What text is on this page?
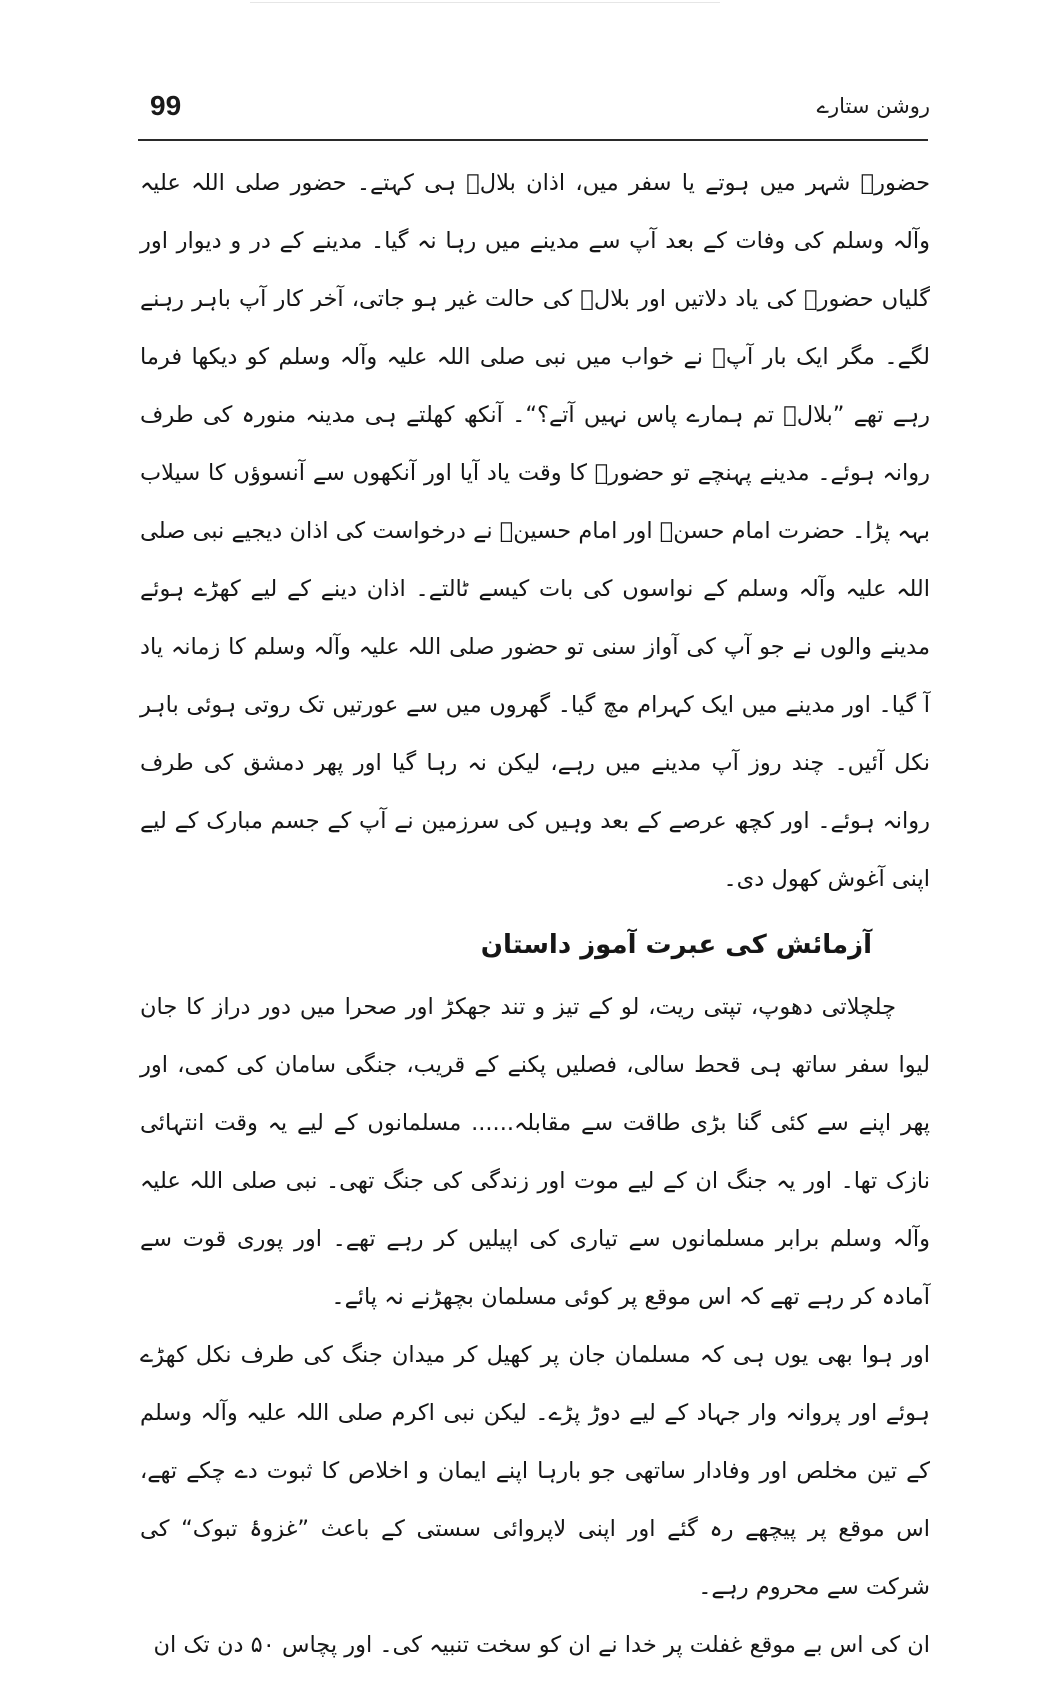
99	روشن ستارے

حضورؐ شہر میں ہوتے یا سفر میں، اذان بلالؓ ہی کہتے۔ حضور صلی اللہ علیہ وآلہ وسلم کی وفات کے بعد آپ سے مدینے میں رہا نہ گیا۔ مدینے کے در و دیوار اور گلیاں حضورؐ کی یاد دلاتیں اور بلالؓ کی حالت غیر ہو جاتی، آخر کار آپ باہر رہنے لگے۔ مگر ایک بار آپؓ نے خواب میں نبی صلی اللہ علیہ وآلہ وسلم کو دیکھا فرما رہے تھے ”بلالؓ تم ہمارے پاس نہیں آتے؟“۔ آنکھ کھلتے ہی مدینہ منورہ کی طرف روانہ ہوئے۔ مدینے پہنچے تو حضورؐ کا وقت یاد آیا اور آنکھوں سے آنسوؤں کا سیلاب بہہ پڑا۔ حضرت امام حسنؓ اور امام حسینؓ نے درخواست کی اذان دیجیے نبی صلی اللہ علیہ وآلہ وسلم کے نواسوں کی بات کیسے ٹالتے۔ اذان دینے کے لیے کھڑے ہوئے مدینے والوں نے جو آپ کی آواز سنی تو حضور صلی اللہ علیہ وآلہ وسلم کا زمانہ یاد آ گیا۔ اور مدینے میں ایک کہرام مچ گیا۔ گھروں میں سے عورتیں تک روتی ہوئی باہر نکل آئیں۔ چند روز آپ مدینے میں رہے، لیکن نہ رہا گیا اور پھر دمشق کی طرف روانہ ہوئے۔ اور کچھ عرصے کے بعد وہیں کی سرزمین نے آپ کے جسم مبارک کے لیے اپنی آغوش کھول دی۔

آزمائش کی عبرت آموز داستان

چلچلاتی دھوپ، تپتی ریت، لو کے تیز و تند جھکڑ اور صحرا میں دور دراز کا جان لیوا سفر ساتھ ہی قحط سالی، فصلیں پکنے کے قریب، جنگی سامان کی کمی، اور پھر اپنے سے کئی گنا بڑی طاقت سے مقابلہ...... مسلمانوں کے لیے یہ وقت انتہائی نازک تھا۔ اور یہ جنگ ان کے لیے موت اور زندگی کی جنگ تھی۔ نبی صلی اللہ علیہ وآلہ وسلم برابر مسلمانوں سے تیاری کی اپیلیں کر رہے تھے۔ اور پوری قوت سے آمادہ کر رہے تھے کہ اس موقع پر کوئی مسلمان بچھڑنے نہ پائے۔

اور ہوا بھی یوں ہی کہ مسلمان جان پر کھیل کر میدان جنگ کی طرف نکل کھڑے ہوئے اور پروانہ وار جہاد کے لیے دوڑ پڑے۔ لیکن نبی اکرم صلی اللہ علیہ وآلہ وسلم کے تین مخلص اور وفادار ساتھی جو بارہا اپنے ایمان و اخلاص کا ثبوت دے چکے تھے، اس موقع پر پیچھے رہ گئے اور اپنی لاپروائی سستی کے باعث ”غزوۂ تبوک“ کی شرکت سے محروم رہے۔

ان کی اس بے موقع غفلت پر خدا نے ان کو سخت تنبیہ کی۔ اور پچاس ۵۰ دن تک ان
